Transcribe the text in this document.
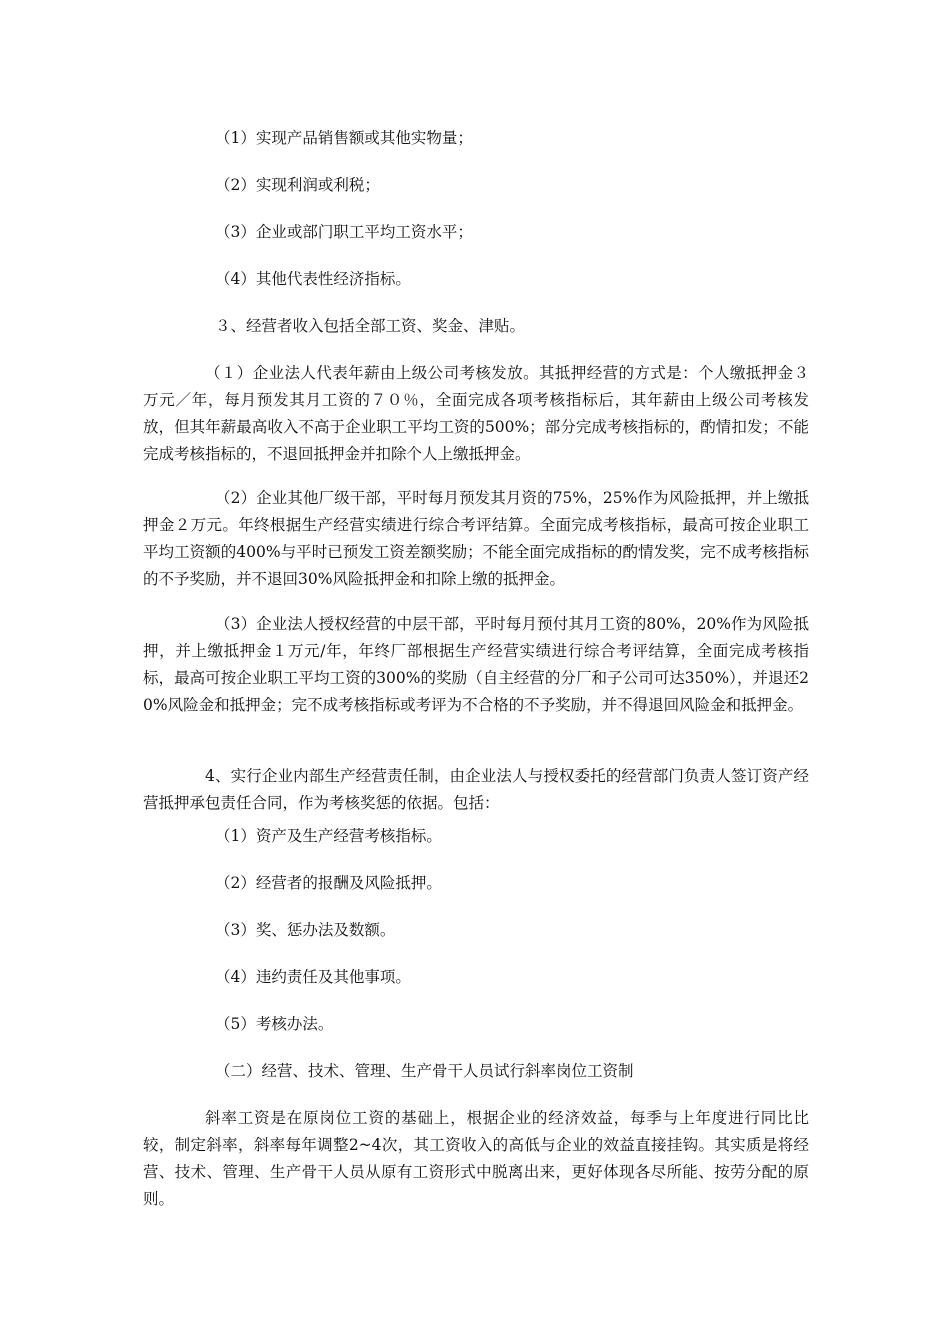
（1）实现产品销售额或其他实物量；

（2）实现利润或利税；

（3）企业或部门职工平均工资水平；

（4）其他代表性经济指标。

３、经营者收入包括全部工资、奖金、津贴。

（１）企业法人代表年薪由上级公司考核发放。其抵押经营的方式是：个人缴抵押金３万元／年，每月预发其月工资的７０％，全面完成各项考核指标后，其年薪由上级公司考核发放，但其年薪最高收入不高于企业职工平均工资的500%；部分完成考核指标的，酌情扣发；不能完成考核指标的，不退回抵押金并扣除个人上缴抵押金。

（2）企业其他厂级干部，平时每月预发其月资的75%，25%作为风险抵押，并上缴抵押金２万元。年终根据生产经营实绩进行综合考评结算。全面完成考核指标，最高可按企业职工平均工资额的400%与平时已预发工资差额奖励；不能全面完成指标的酌情发奖，完不成考核指标的不予奖励，并不退回30%风险抵押金和扣除上缴的抵押金。

（3）企业法人授权经营的中层干部，平时每月预付其月工资的80%，20%作为风险抵押，并上缴抵押金１万元/年，年终厂部根据生产经营实绩进行综合考评结算，全面完成考核指标，最高可按企业职工平均工资的300%的奖励（自主经营的分厂和子公司可达350%），并退还20%风险金和抵押金；完不成考核指标或考评为不合格的不予奖励，并不得退回风险金和抵押金。

4、实行企业内部生产经营责任制，由企业法人与授权委托的经营部门负责人签订资产经营抵押承包责任合同，作为考核奖惩的依据。包括：

（1）资产及生产经营考核指标。

（2）经营者的报酬及风险抵押。

（3）奖、惩办法及数额。

（4）违约责任及其他事项。

（5）考核办法。

（二）经营、技术、管理、生产骨干人员试行斜率岗位工资制

斜率工资是在原岗位工资的基础上，根据企业的经济效益，每季与上年度进行同比比较，制定斜率，斜率每年调整2~4次，其工资收入的高低与企业的效益直接挂钩。其实质是将经营、技术、管理、生产骨干人员从原有工资形式中脱离出来，更好体现各尽所能、按劳分配的原则。
